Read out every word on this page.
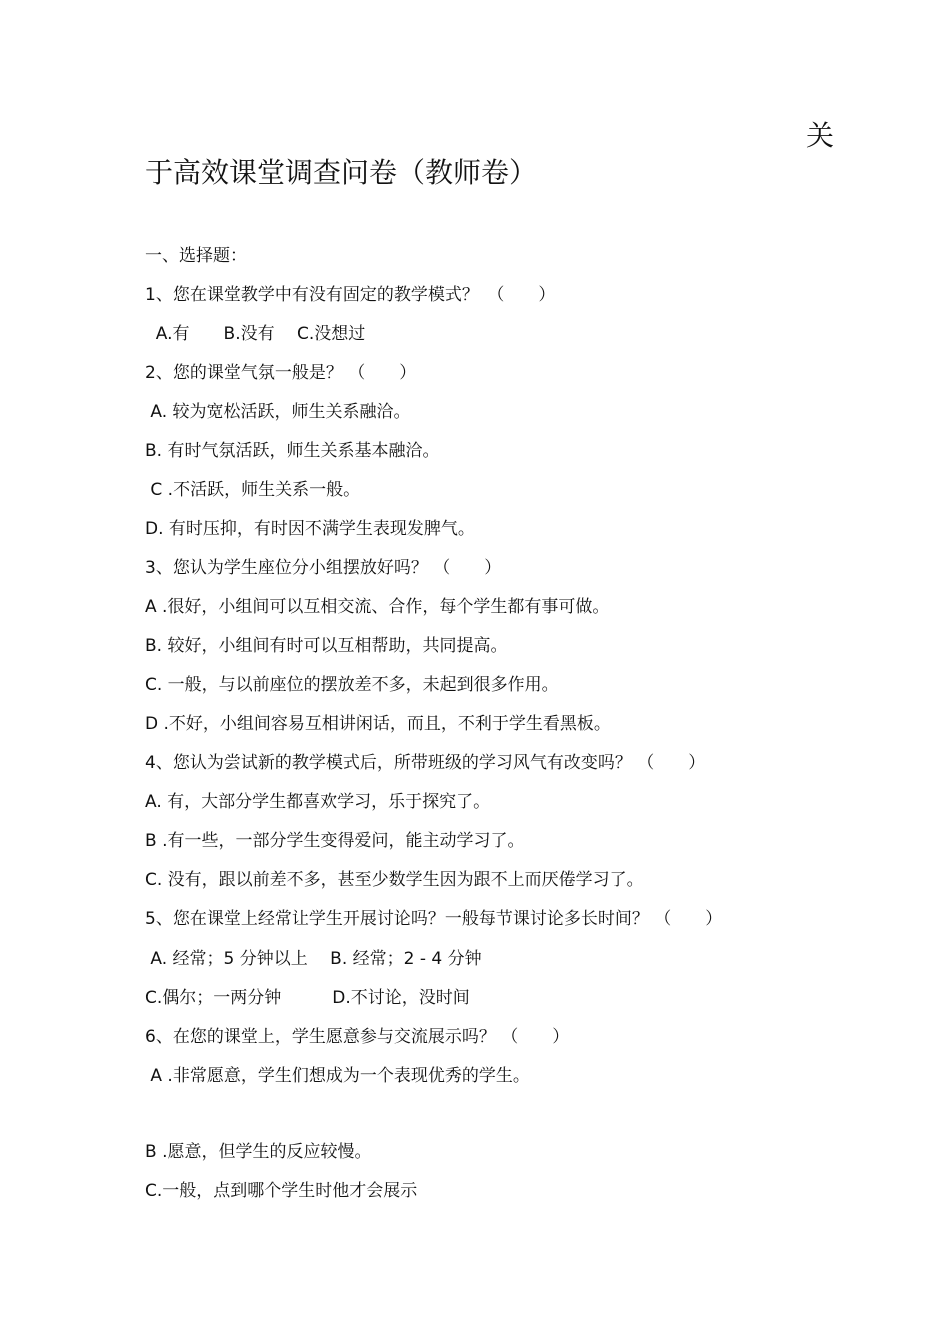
关
于高效课堂调查问卷（教师卷）
一、选择题：
1、您在课堂教学中有没有固定的教学模式？　（　　）
A.有　　B.没有　 C.没想过
2、您的课堂气氛一般是？ （　　）
A. 较为宽松活跃，师生关系融洽。
B. 有时气氛活跃，师生关系基本融洽。
C .不活跃，师生关系一般。
D. 有时压抑，有时因不满学生表现发脾气。
3、您认为学生座位分小组摆放好吗？ （　　）
A .很好，小组间可以互相交流、合作，每个学生都有事可做。
B. 较好，小组间有时可以互相帮助，共同提高。
C. 一般，与以前座位的摆放差不多，未起到很多作用。
D .不好，小组间容易互相讲闲话，而且，不利于学生看黑板。
4、您认为尝试新的教学模式后，所带班级的学习风气有改变吗？ （　　）
A. 有，大部分学生都喜欢学习，乐于探究了。
B .有一些，一部分学生变得爱问，能主动学习了。
C. 没有，跟以前差不多，甚至少数学生因为跟不上而厌倦学习了。
5、您在课堂上经常让学生开展讨论吗？一般每节课讨论多长时间？ （　　）
A. 经常；5 分钟以上　 B. 经常；2 - 4 分钟
C.偶尔；一两分钟　　　D.不讨论，没时间
6、在您的课堂上，学生愿意参与交流展示吗？ （　　）
A .非常愿意，学生们想成为一个表现优秀的学生。
B .愿意，但学生的反应较慢。
C.一般，点到哪个学生时他才会展示
